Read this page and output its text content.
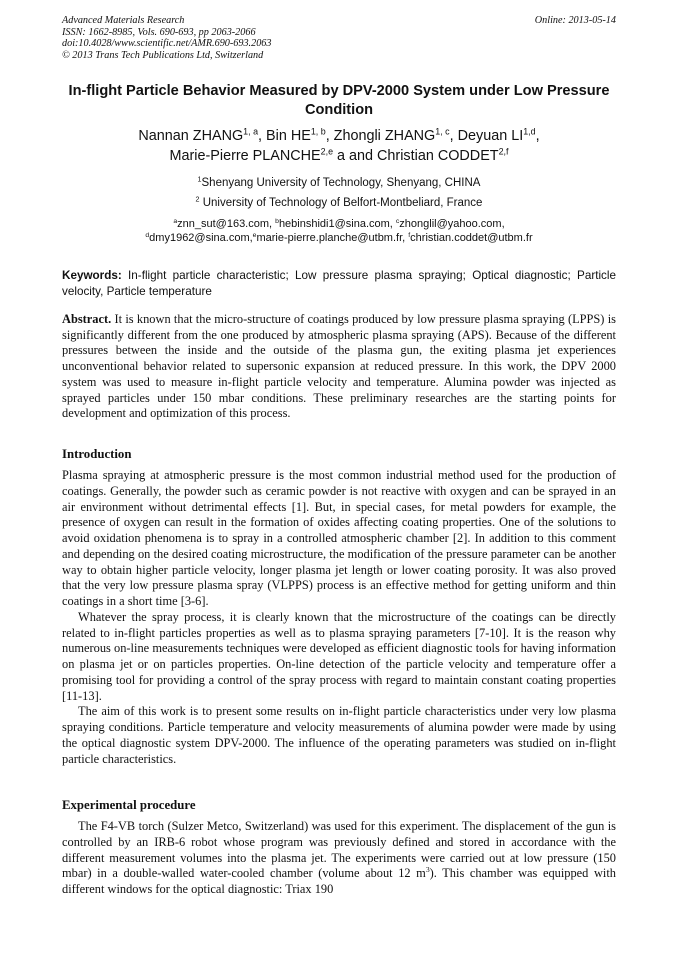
Advanced Materials Research
ISSN: 1662-8985, Vols. 690-693, pp 2063-2066
doi:10.4028/www.scientific.net/AMR.690-693.2063
© 2013 Trans Tech Publications Ltd, Switzerland
Online: 2013-05-14
In-flight Particle Behavior Measured by DPV-2000 System under Low Pressure Condition
Nannan ZHANG$^{1, a}$, Bin HE$^{1, b}$, Zhongli ZHANG$^{1, c}$, Deyuan LI$^{1,d}$,
Marie-Pierre PLANCHE$^{2,e}$ a and Christian CODDET$^{2,f}$
$^1$Shenyang University of Technology, Shenyang, CHINA
$^2$ University of Technology of Belfort-Montbeliard, France
$^a$znn_sut@163.com, $^b$hebinshidi1@sina.com, $^c$zhonglil@yahoo.com,
$^d$dmy1962@sina.com,$^e$marie-pierre.planche@utbm.fr, $^f$christian.coddet@utbm.fr
Keywords: In-flight particle characteristic; Low pressure plasma spraying; Optical diagnostic; Particle velocity, Particle temperature
Abstract. It is known that the micro-structure of coatings produced by low pressure plasma spraying (LPPS) is significantly different from the one produced by atmospheric plasma spraying (APS). Because of the different pressures between the inside and the outside of the plasma gun, the exiting plasma jet experiences unconventional behavior related to supersonic expansion at reduced pressure. In this work, the DPV 2000 system was used to measure in-flight particle velocity and temperature. Alumina powder was injected as sprayed particles under 150 mbar conditions. These preliminary researches are the starting points for development and optimization of this process.
Introduction

Plasma spraying at atmospheric pressure is the most common industrial method used for the production of coatings. Generally, the powder such as ceramic powder is not reactive with oxygen and can be sprayed in an air environment without detrimental effects [1]. But, in special cases, for metal powders for example, the presence of oxygen can result in the formation of oxides affecting coating properties. One of the solutions to avoid oxidation phenomena is to spray in a controlled atmospheric chamber [2]. In addition to this comment and depending on the desired coating microstructure, the modification of the pressure parameter can be another way to obtain higher particle velocity, longer plasma jet length or lower coating porosity. It was also proved that the very low pressure plasma spray (VLPPS) process is an effective method for getting uniform and thin coatings in a short time [3-6].

Whatever the spray process, it is clearly known that the microstructure of the coatings can be directly related to in-flight particles properties as well as to plasma spraying parameters [7-10]. It is the reason why numerous on-line measurements techniques were developed as efficient diagnostic tools for having information on plasma jet or on particles properties. On-line detection of the particle velocity and temperature offer a promising tool for providing a control of the spray process with regard to maintain constant coating properties [11-13].

The aim of this work is to present some results on in-flight particle characteristics under very low plasma spraying conditions. Particle temperature and velocity measurements of alumina powder were made by using the optical diagnostic system DPV-2000. The influence of the operating parameters was studied on in-flight particle characteristics.

Experimental procedure

The F4-VB torch (Sulzer Metco, Switzerland) was used for this experiment. The displacement of the gun is controlled by an IRB-6 robot whose program was previously defined and stored in accordance with the different measurement volumes into the plasma jet. The experiments were carried out at low pressure (150 mbar) in a double-walled water-cooled chamber (volume about 12 $m^3$). This chamber was equipped with different windows for the optical diagnostic: Triax 190
